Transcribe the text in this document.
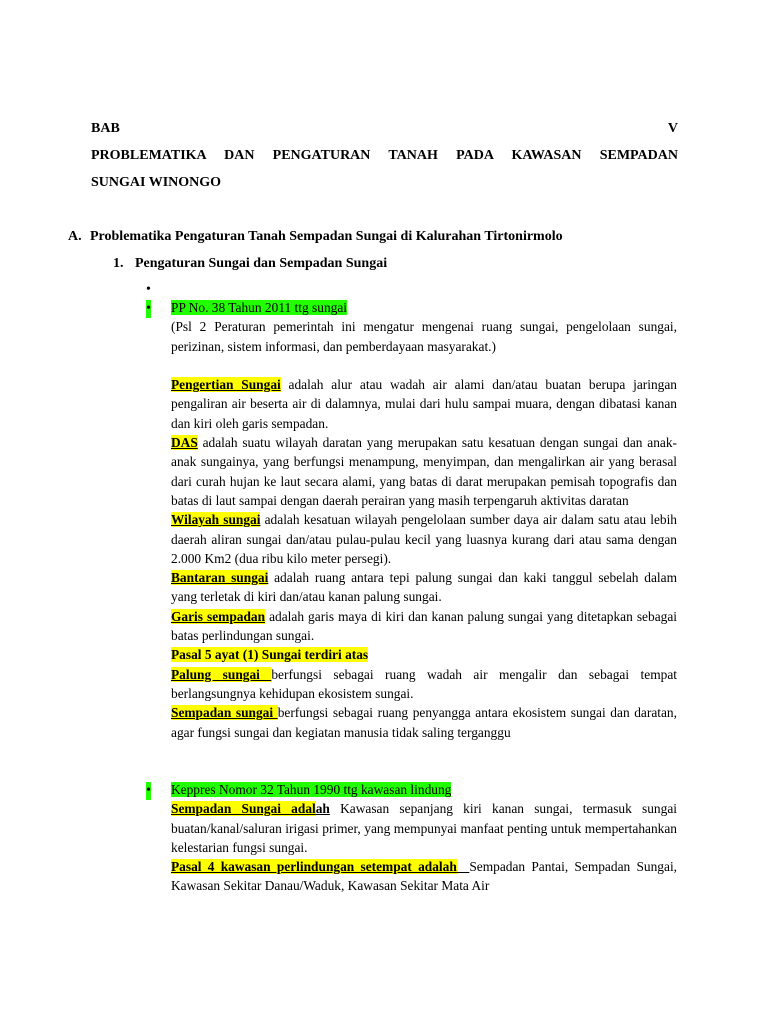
BAB	V
PROBLEMATIKA DAN PENGATURAN TANAH PADA KAWASAN SEMPADAN
SUNGAI WINONGO
A. Problematika Pengaturan Tanah Sempadan Sungai di Kalurahan Tirtonirmolo
1. Pengaturan Sungai dan Sempadan Sungai
•
• PP No. 38 Tahun 2011 ttg sungai

(Psl 2 Peraturan pemerintah ini mengatur mengenai ruang sungai, pengelolaan sungai, perizinan, sistem informasi, dan pemberdayaan masyarakat.)

Pengertian Sungai adalah alur atau wadah air alami dan/atau buatan berupa jaringan pengaliran air beserta air di dalamnya, mulai dari hulu sampai muara, dengan dibatasi kanan dan kiri oleh garis sempadan.

DAS adalah suatu wilayah daratan yang merupakan satu kesatuan dengan sungai dan anak-anak sungainya, yang berfungsi menampung, menyimpan, dan mengalirkan air yang berasal dari curah hujan ke laut secara alami, yang batas di darat merupakan pemisah topografis dan batas di laut sampai dengan daerah perairan yang masih terpengaruh aktivitas daratan

Wilayah sungai adalah kesatuan wilayah pengelolaan sumber daya air dalam satu atau lebih daerah aliran sungai dan/atau pulau-pulau kecil yang luasnya kurang dari atau sama dengan 2.000 Km2 (dua ribu kilo meter persegi).

Bantaran sungai adalah ruang antara tepi palung sungai dan kaki tanggul sebelah dalam yang terletak di kiri dan/atau kanan palung sungai.

Garis sempadan adalah garis maya di kiri dan kanan palung sungai yang ditetapkan sebagai batas perlindungan sungai.

Pasal 5 ayat (1) Sungai terdiri atas

Palung sungai berfungsi sebagai ruang wadah air mengalir dan sebagai tempat berlangsungnya kehidupan ekosistem sungai.

Sempadan sungai berfungsi sebagai ruang penyangga antara ekosistem sungai dan daratan, agar fungsi sungai dan kegiatan manusia tidak saling terganggu

• Keppres Nomor 32 Tahun 1990 ttg kawasan lindung

Sempadan Sungai adalah Kawasan sepanjang kiri kanan sungai, termasuk sungai buatan/kanal/saluran irigasi primer, yang mempunyai manfaat penting untuk mempertahankan kelestarian fungsi sungai.

Pasal 4 kawasan perlindungan setempat adalah Sempadan Pantai, Sempadan Sungai, Kawasan Sekitar Danau/Waduk, Kawasan Sekitar Mata Air
